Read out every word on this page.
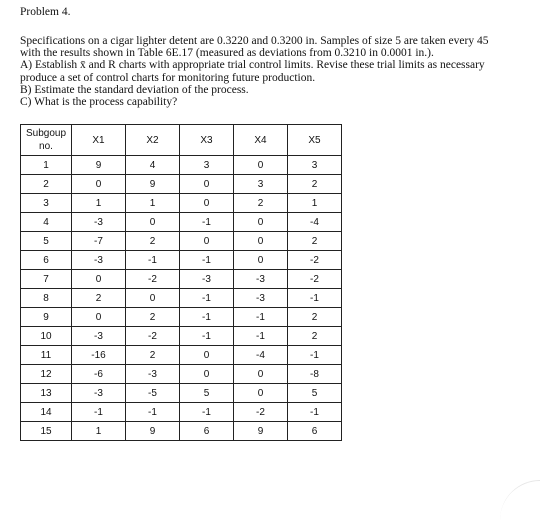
Problem 4.
Specifications on a cigar lighter detent are 0.3220 and 0.3200 in. Samples of size 5 are taken every 45
with the results shown in Table 6E.17 (measured as deviations from 0.3210 in 0.0001 in.).
A) Establish x̄ and R charts with appropriate trial control limits. Revise these trial limits as necessary
produce a set of control charts for monitoring future production.
B) Estimate the standard deviation of the process.
C) What is the process capability?
Subgoup
no.	X1	X2	X3	X4	X5
1	9	4	3	0	3
2	0	9	0	3	2
3	1	1	0	2	1
4	-3	0	-1	0	-4
5	-7	2	0	0	2
6	-3	-1	-1	0	-2
7	0	-2	-3	-3	-2
8	2	0	-1	-3	-1
9	0	2	-1	-1	2
10	-3	-2	-1	-1	2
11	-16	2	0	-4	-1
12	-6	-3	0	0	-8
13	-3	-5	5	0	5
14	-1	-1	-1	-2	-1
15	1	9	6	9	6
